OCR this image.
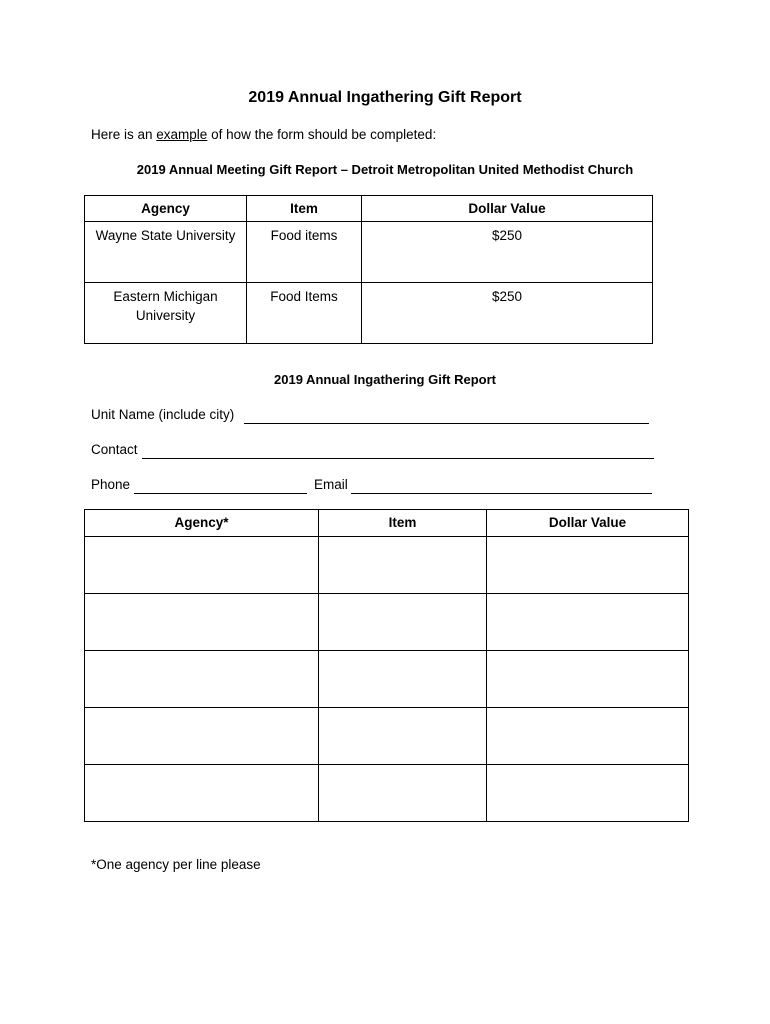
2019 Annual Ingathering Gift Report
Here is an example of how the form should be completed:
2019 Annual Meeting Gift Report – Detroit Metropolitan United Methodist Church
Agency	Item	Dollar Value
Wayne State University	Food items	$250
Eastern Michigan University	Food Items	$250
2019 Annual Ingathering Gift Report
Unit Name (include city)
Contact
Phone	Email
Agency*	Item	Dollar Value

*One agency per line please
